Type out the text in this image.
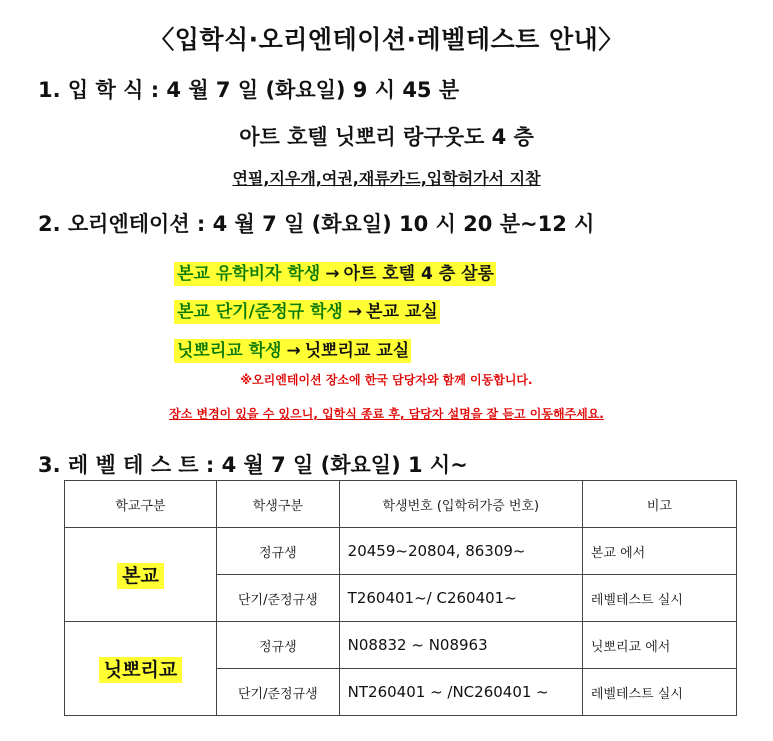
〈입학식·오리엔테이션·레벨테스트 안내〉
1. 입 학 식 : 4 월 7 일 (화요일) 9 시 45 분
아트 호텔 닛뽀리 랑구웃도 4 층
연필,지우개,여권,재류카드,입학허가서 지참
2. 오리엔테이션 : 4 월 7 일 (화요일) 10 시 20 분~12 시
본교 유학비자 학생 → 아트 호텔 4 층 살롱
본교 단기/준정규 학생 → 본교 교실
닛뽀리교 학생 → 닛뽀리교 교실
※오리엔테이션 장소에 한국 담당자와 함께 이동합니다.
장소 변경이 있을 수 있으니, 입학식 종료 후, 담당자 설명을 잘 듣고 이동해주세요.
3. 레 벨 테 스 트 : 4 월 7 일 (화요일) 1 시~
학교구분	학생구분	학생번호 (입학허가증 번호)	비고
본교	정규생	20459~20804, 86309~	본교 에서
	단기/준정규생	T260401~/ C260401~	레벨테스트 실시
닛뽀리교	정규생	N08832 ~ N08963	닛뽀리교 에서
	단기/준정규생	NT260401 ~ /NC260401 ~	레벨테스트 실시
